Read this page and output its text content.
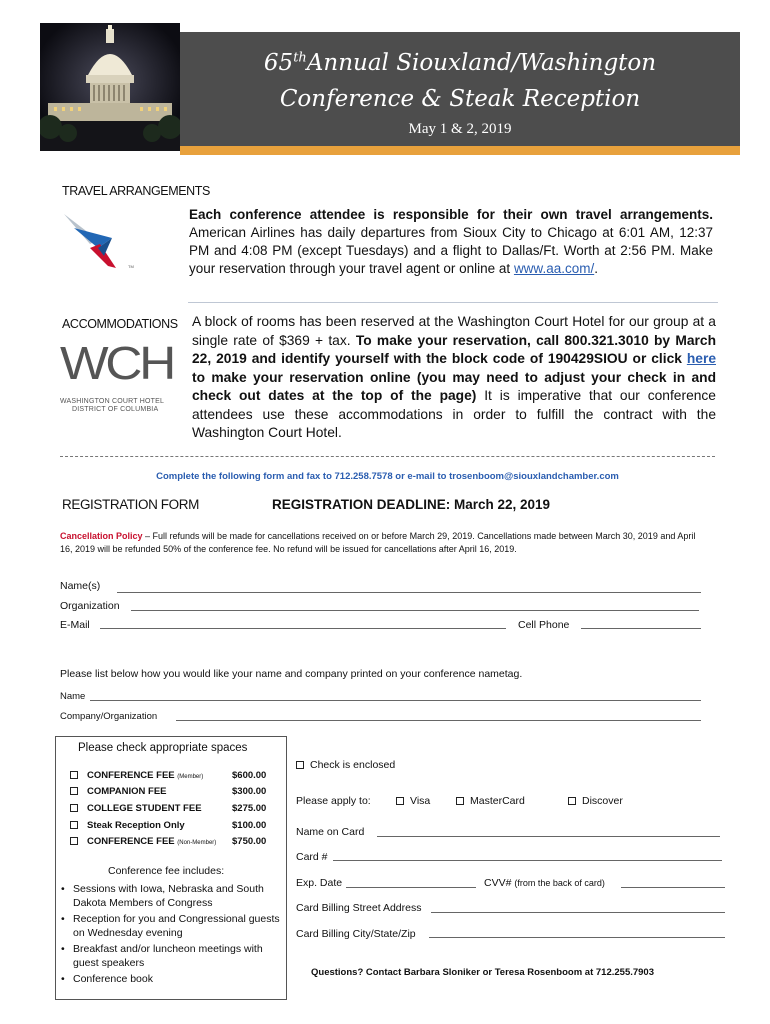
65thAnnual Siouxland/Washington
Conference & Steak Reception
May 1 & 2, 2019
TRAVEL ARRANGEMENTS
TM
Each conference attendee is responsible for their own travel arrangements. American Airlines has daily departures from Sioux City to Chicago at 6:01 AM, 12:37 PM and 4:08 PM (except Tuesdays) and a flight to Dallas/Ft. Worth at 2:56 PM. Make your reservation through your travel agent or online at www.aa.com/.
ACCOMMODATIONS
WCH
WASHINGTON COURT HOTEL
DISTRICT OF COLUMBIA
A block of rooms has been reserved at the Washington Court Hotel for our group at a single rate of $369 + tax. To make your reservation, call 800.321.3010 by March 22, 2019 and identify yourself with the block code of 190429SIOU or click here to make your reservation online (you may need to adjust your check in and check out dates at the top of the page) It is imperative that our conference attendees use these accommodations in order to fulfill the contract with the Washington Court Hotel.
Complete the following form and fax to 712.258.7578 or e-mail to trosenboom@siouxlandchamber.com
REGISTRATION FORM	REGISTRATION DEADLINE: March 22, 2019
Cancellation Policy – Full refunds will be made for cancellations received on or before March 29, 2019. Cancellations made between March 30, 2019 and April 16, 2019 will be refunded 50% of the conference fee. No refund will be issued for cancellations after April 16, 2019.
Name(s)
Organization
E-Mail	Cell Phone
Please list below how you would like your name and company printed on your conference nametag.
Name
Company/Organization
Please check appropriate spaces
CONFERENCE FEE (Member)	$600.00
COMPANION FEE	$300.00
COLLEGE STUDENT FEE	$275.00
Steak Reception Only	$100.00
CONFERENCE FEE (Non-Member) $750.00
Conference fee includes:
• Sessions with Iowa, Nebraska and South Dakota Members of Congress
• Reception for you and Congressional guests on Wednesday evening
• Breakfast and/or luncheon meetings with guest speakers
• Conference book
Check is enclosed
Please apply to:	Visa	MasterCard	Discover
Name on Card
Card #
Exp. Date	CVV# (from the back of card)
Card Billing Street Address
Card Billing City/State/Zip
Questions? Contact Barbara Sloniker or Teresa Rosenboom at 712.255.7903
